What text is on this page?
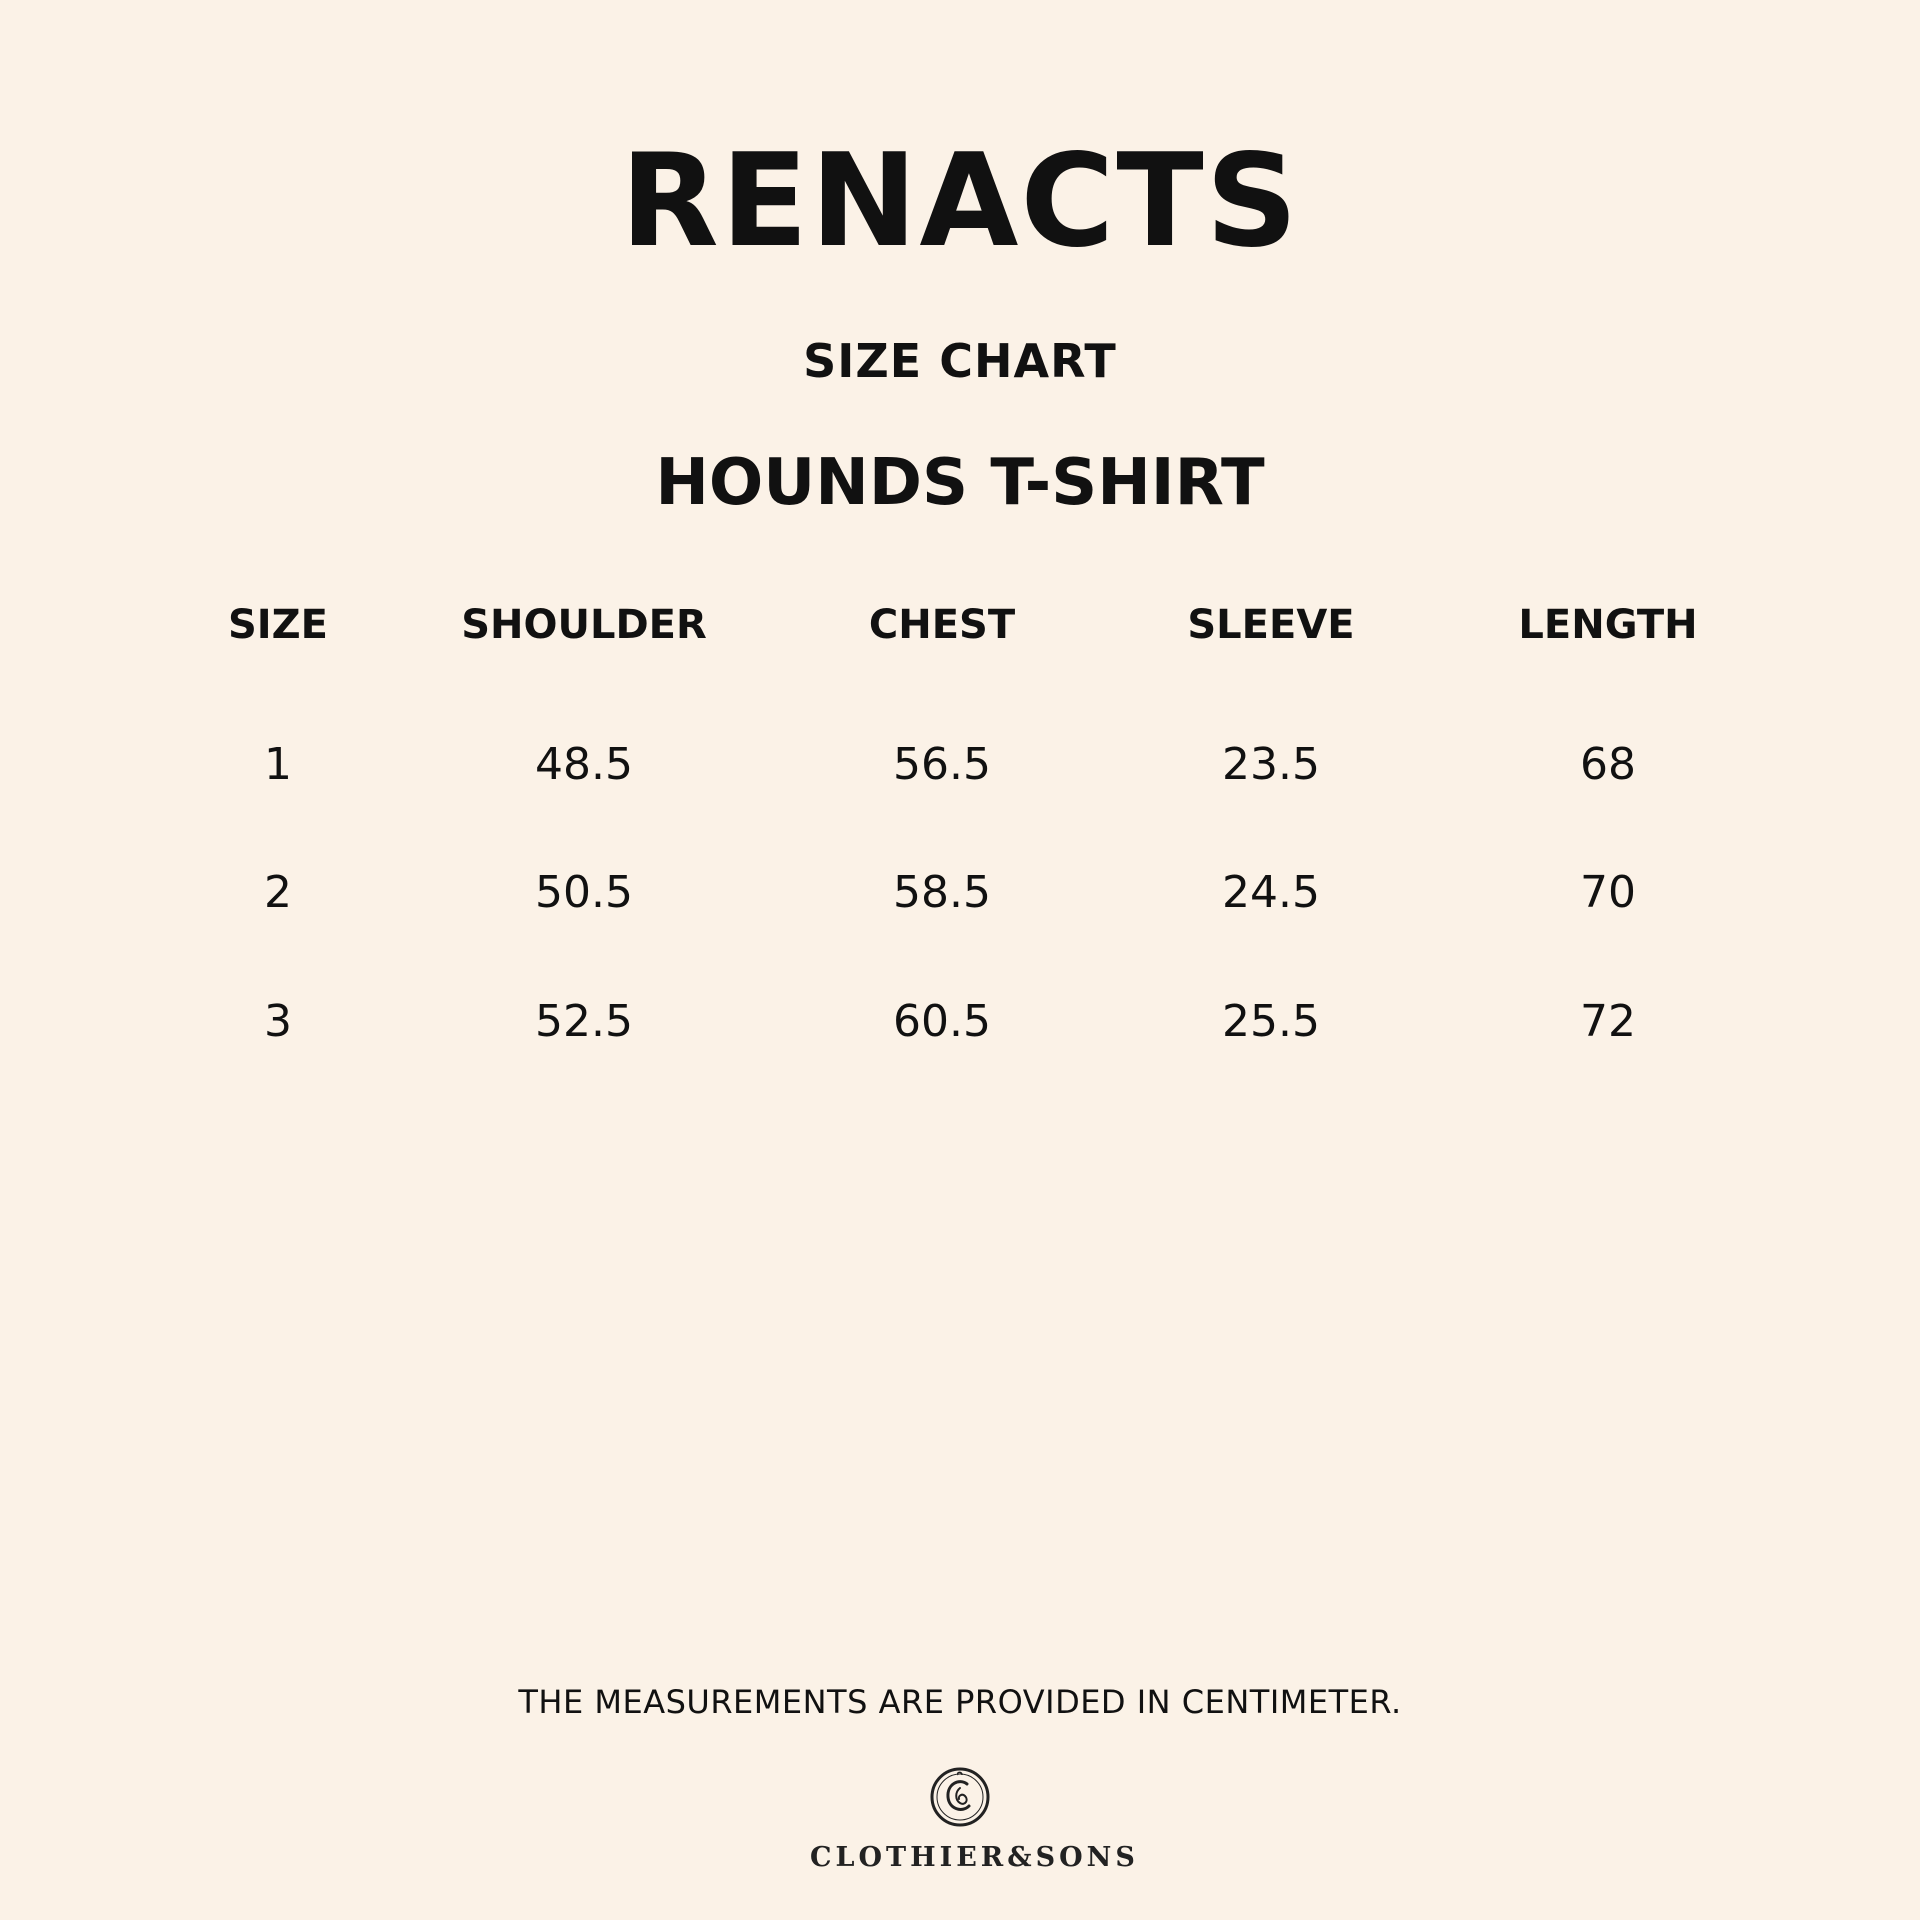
RENACTS
SIZE CHART
HOUNDS T-SHIRT
SIZE	SHOULDER	CHEST	SLEEVE	LENGTH
1	48.5	56.5	23.5	68
2	50.5	58.5	24.5	70
3	52.5	60.5	25.5	72
THE MEASUREMENTS ARE PROVIDED IN CENTIMETER.
CLOTHIER&SONS
